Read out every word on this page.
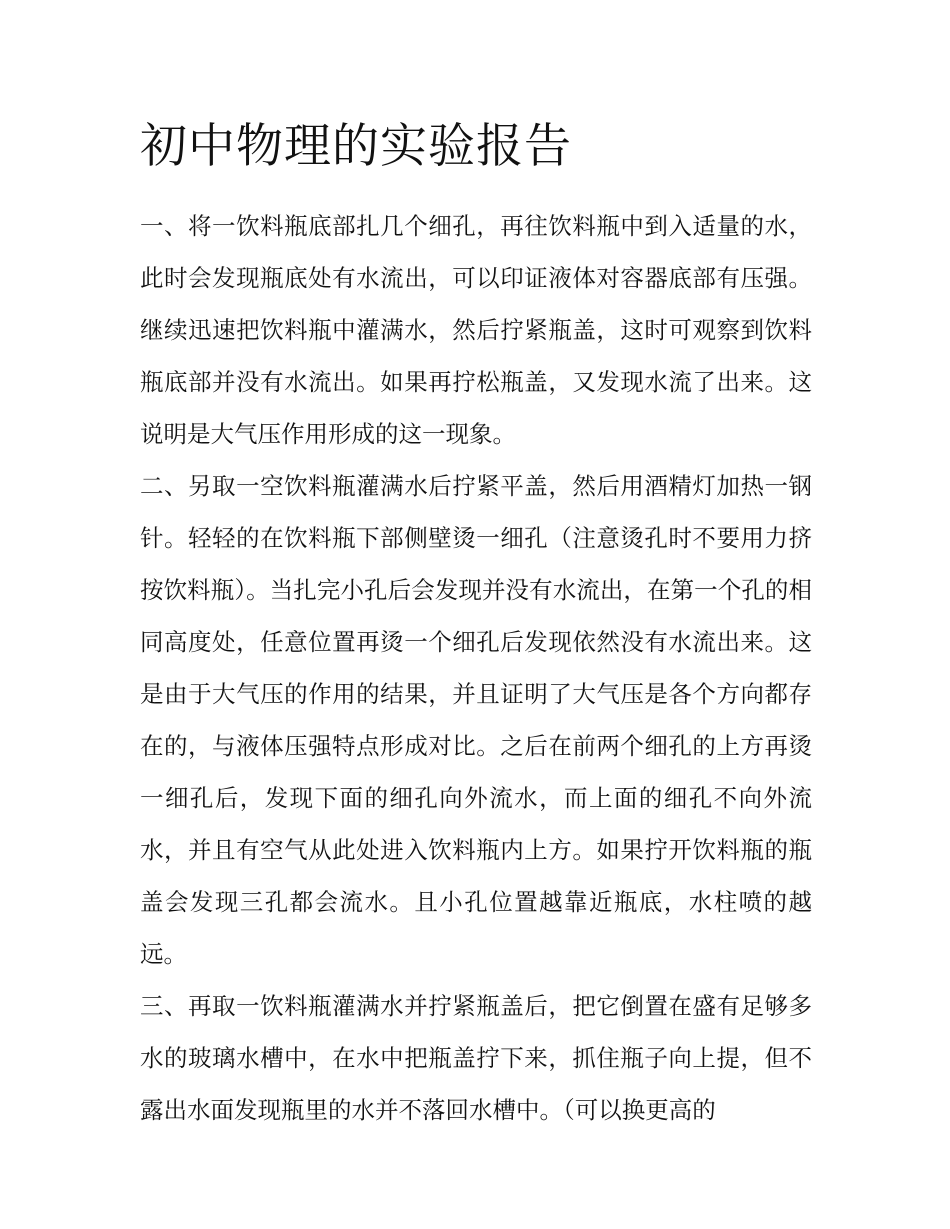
初中物理的实验报告

一、将一饮料瓶底部扎几个细孔，再往饮料瓶中到入适量的水，此时会发现瓶底处有水流出，可以印证液体对容器底部有压强。继续迅速把饮料瓶中灌满水，然后拧紧瓶盖，这时可观察到饮料瓶底部并没有水流出。如果再拧松瓶盖，又发现水流了出来。这说明是大气压作用形成的这一现象。

二、另取一空饮料瓶灌满水后拧紧平盖，然后用酒精灯加热一钢针。轻轻的在饮料瓶下部侧壁烫一细孔（注意烫孔时不要用力挤按饮料瓶）。当扎完小孔后会发现并没有水流出，在第一个孔的相同高度处，任意位置再烫一个细孔后发现依然没有水流出来。这是由于大气压的作用的结果，并且证明了大气压是各个方向都存在的，与液体压强特点形成对比。之后在前两个细孔的上方再烫一细孔后，发现下面的细孔向外流水，而上面的细孔不向外流水，并且有空气从此处进入饮料瓶内上方。如果拧开饮料瓶的瓶盖会发现三孔都会流水。且小孔位置越靠近瓶底，水柱喷的越远。

三、再取一饮料瓶灌满水并拧紧瓶盖后，把它倒置在盛有足够多水的玻璃水槽中，在水中把瓶盖拧下来，抓住瓶子向上提，但不露出水面发现瓶里的水并不落回水槽中。（可以换更高的
